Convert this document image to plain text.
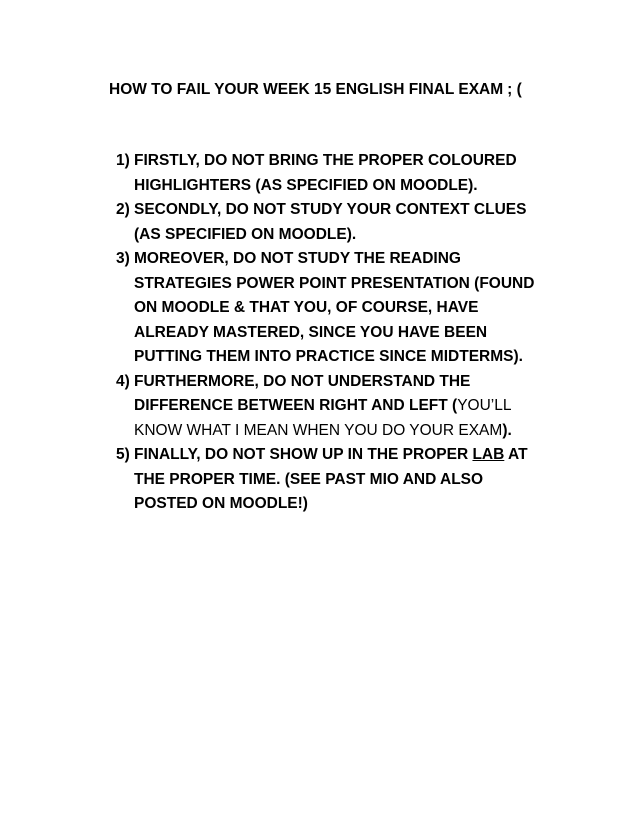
HOW TO FAIL YOUR WEEK 15 ENGLISH FINAL EXAM ; (
1) FIRSTLY, DO NOT BRING THE PROPER COLOURED
HIGHLIGHTERS (AS SPECIFIED ON MOODLE).
2) SECONDLY, DO NOT STUDY YOUR CONTEXT CLUES
(AS SPECIFIED ON MOODLE).
3) MOREOVER, DO NOT STUDY THE READING
STRATEGIES POWER POINT PRESENTATION (FOUND
ON MOODLE & THAT YOU, OF COURSE, HAVE
ALREADY MASTERED, SINCE YOU HAVE BEEN
PUTTING THEM INTO PRACTICE SINCE MIDTERMS).
4) FURTHERMORE, DO NOT UNDERSTAND THE
DIFFERENCE BETWEEN RIGHT AND LEFT (YOU’LL
KNOW WHAT I MEAN WHEN YOU DO YOUR EXAM).
5) FINALLY, DO NOT SHOW UP IN THE PROPER LAB AT
THE PROPER TIME. (SEE PAST MIO AND ALSO
POSTED ON MOODLE!)
